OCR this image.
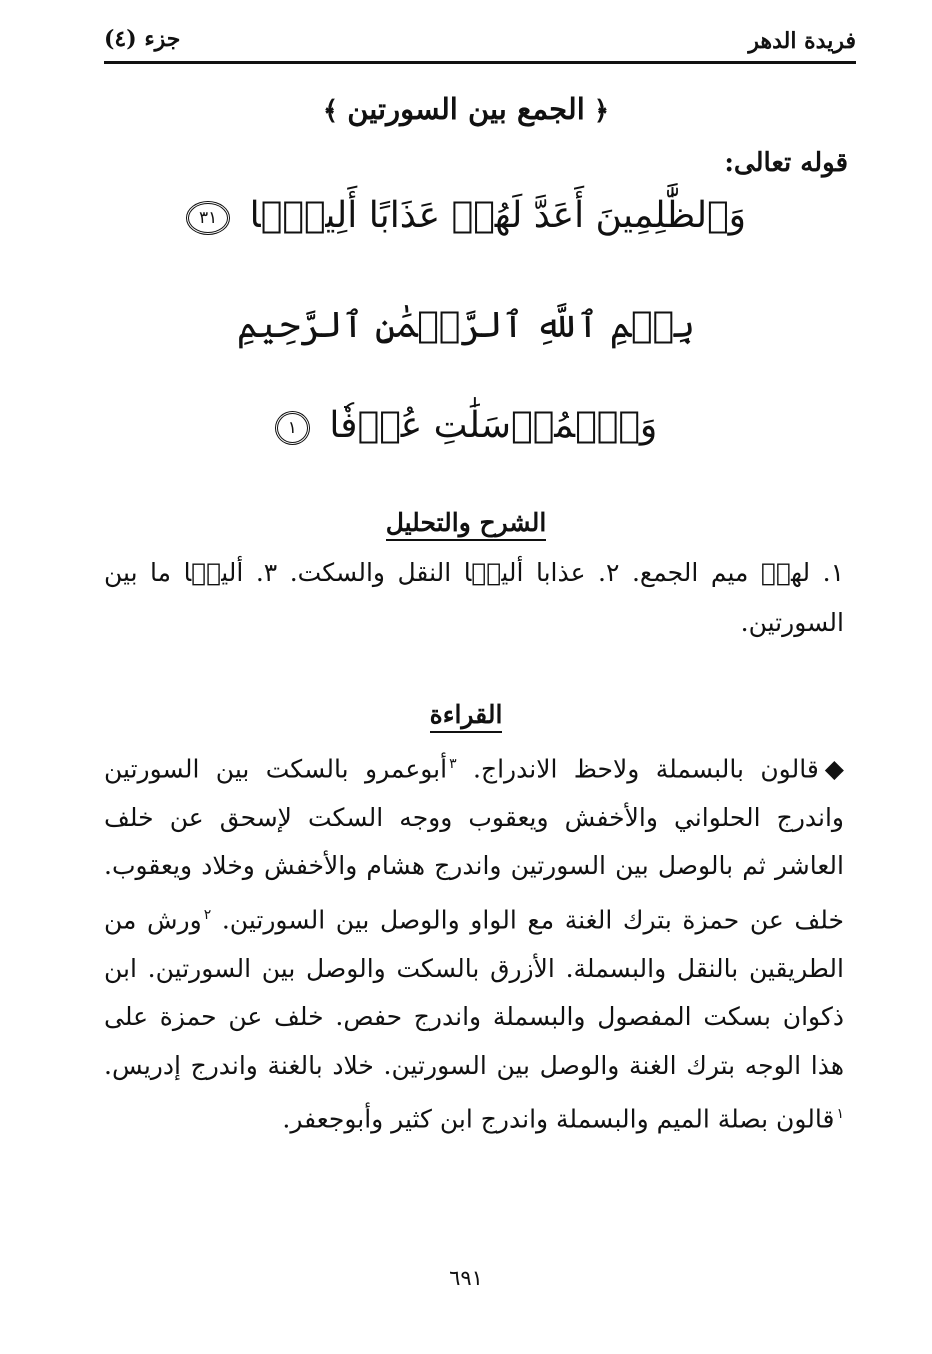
فريدة الدهر
جزء (٤)
﴿ الجمع بين السورتين ﴾
قوله تعالى:
وَٱلظَّٰلِمِينَ أَعَدَّ لَهُمۡ عَذَابًا أَلِيمَۢا ٣١
بِسۡمِ ٱللَّهِ ٱلرَّحۡمَٰنِ ٱلرَّحِيمِ
وَٱلۡمُرۡسَلَٰتِ عُرۡفٗا ١
الشرح والتحليل
١. لهمۡ ميم الجمع. ٢. عذابا أليمۢا النقل والسكت. ٣. أليمۢا ما بين السورتين.
القراءة
◆قالون بالبسملة ولاحظ الاندراج. $^٣$أبوعمرو بالسكت بين السورتين واندرج الحلواني والأخفش ويعقوب ووجه السكت لإسحق عن خلف العاشر ثم بالوصل بين السورتين واندرج هشام والأخفش وخلاد ويعقوب. خلف عن حمزة بترك الغنة مع الواو والوصل بين السورتين. $^٢$ورش من الطريقين بالنقل والبسملة. الأزرق بالسكت والوصل بين السورتين. ابن ذكوان بسكت المفصول والبسملة واندرج حفص. خلف عن حمزة على هذا الوجه بترك الغنة والوصل بين السورتين. خلاد بالغنة واندرج إدريس. $^١$قالون بصلة الميم والبسملة واندرج ابن كثير وأبوجعفر.
٦٩١
